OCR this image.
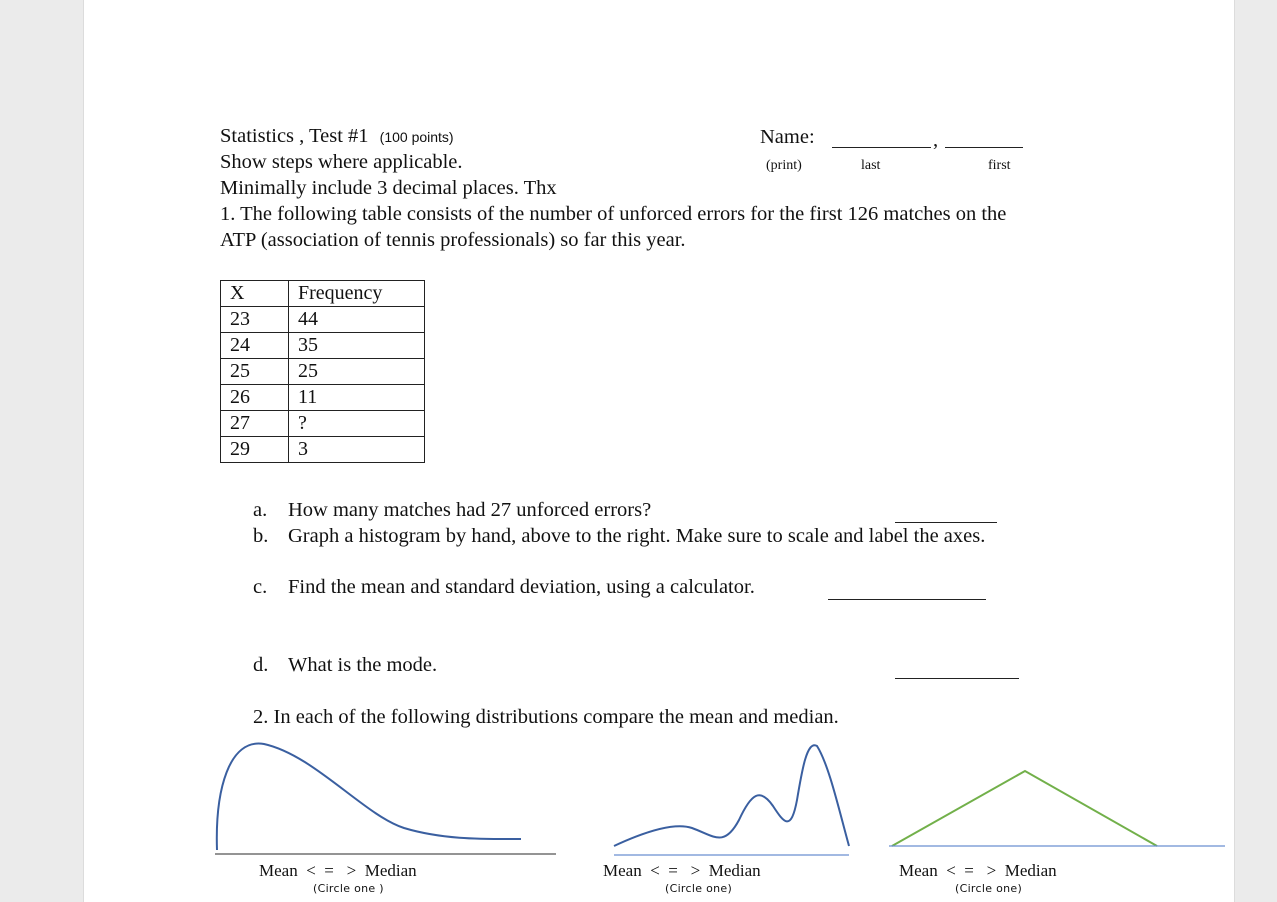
Statistics , Test #1 (100 points)
Show steps where applicable.
Minimally include 3 decimal places. Thx
Name:	,
(print)	last	first
1. The following table consists of the number of unforced errors for the first 126 matches on the
ATP (association of tennis professionals) so far this year.
X	Frequency
23	44
24	35
25	25
26	11
27	?
29	3
a. How many matches had 27 unforced errors?
b. Graph a histogram by hand, above to the right. Make sure to scale and label the axes.
c. Find the mean and standard deviation, using a calculator.
d. What is the mode.
2. In each of the following distributions compare the mean and median.
Mean  <  =   >  Median
(Circle one )
Mean  <  =   >  Median
(Circle one)
Mean  <  =   >  Median
(Circle one)
